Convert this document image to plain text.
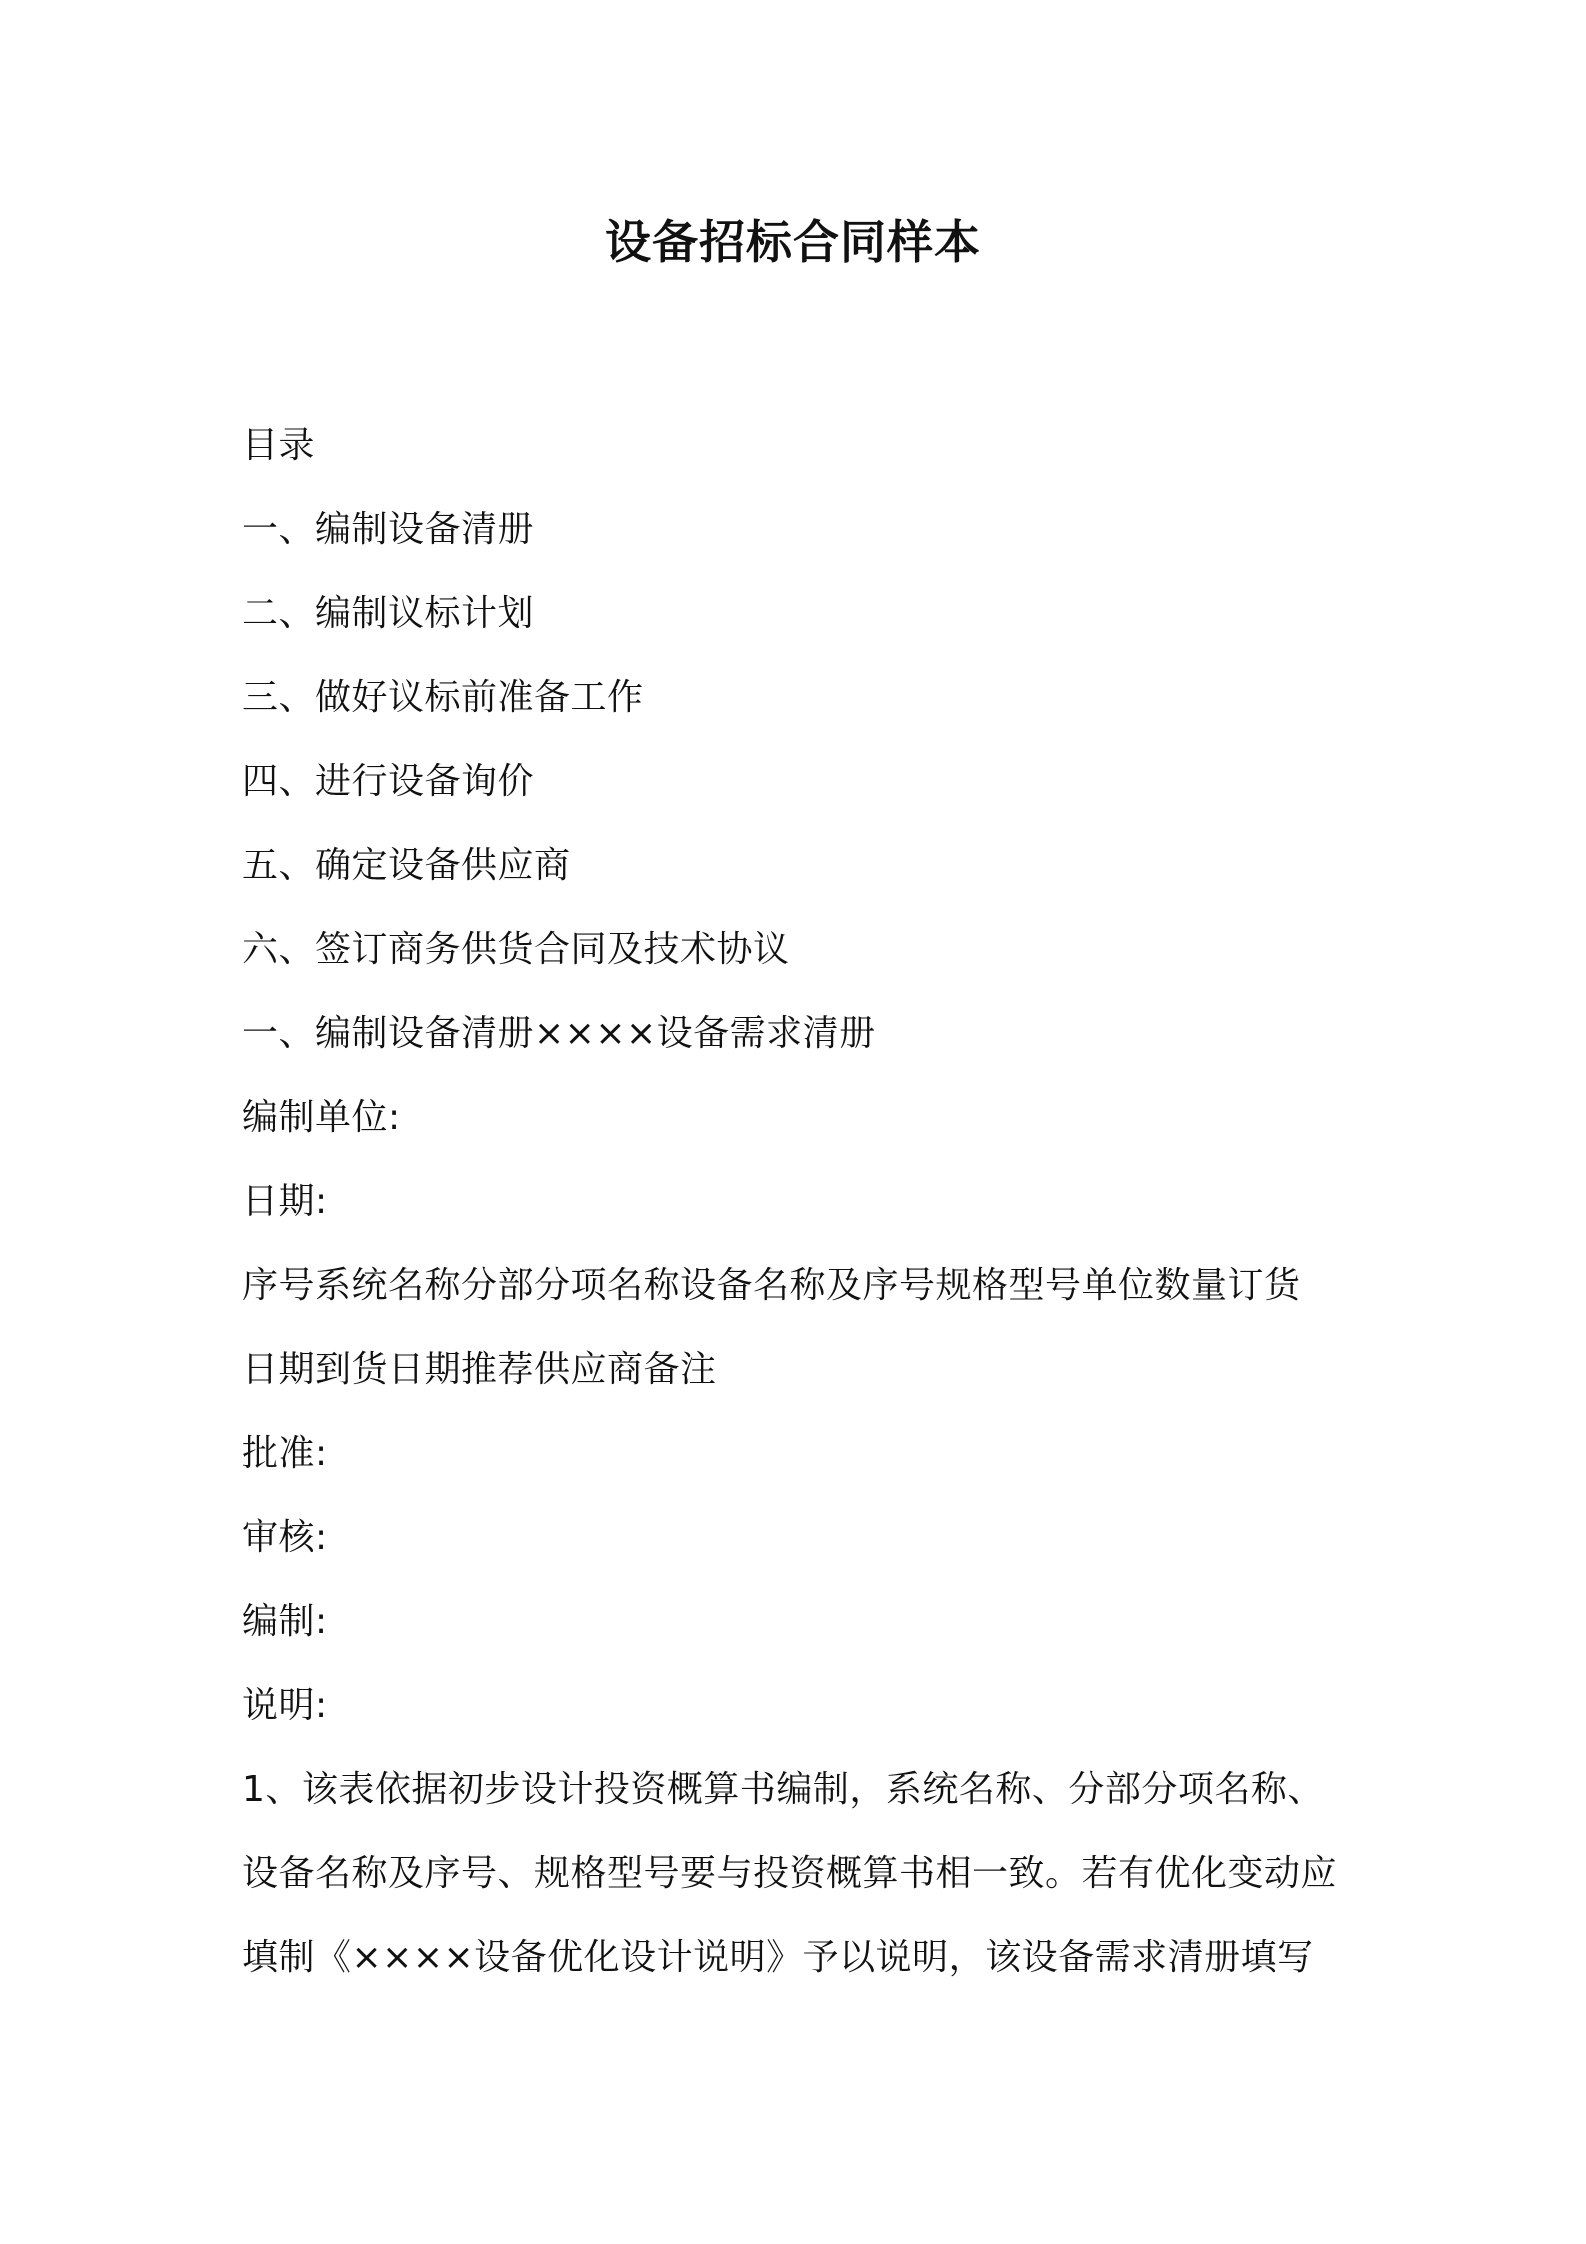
设备招标合同样本
目录
一、编制设备清册
二、编制议标计划
三、做好议标前准备工作
四、进行设备询价
五、确定设备供应商
六、签订商务供货合同及技术协议
一、编制设备清册××××设备需求清册
编制单位:
日期:
序号系统名称分部分项名称设备名称及序号规格型号单位数量订货
日期到货日期推荐供应商备注
批准:
审核:
编制:
说明:
1、该表依据初步设计投资概算书编制，系统名称、分部分项名称、
设备名称及序号、规格型号要与投资概算书相一致。若有优化变动应
填制《××××设备优化设计说明》予以说明，该设备需求清册填写
